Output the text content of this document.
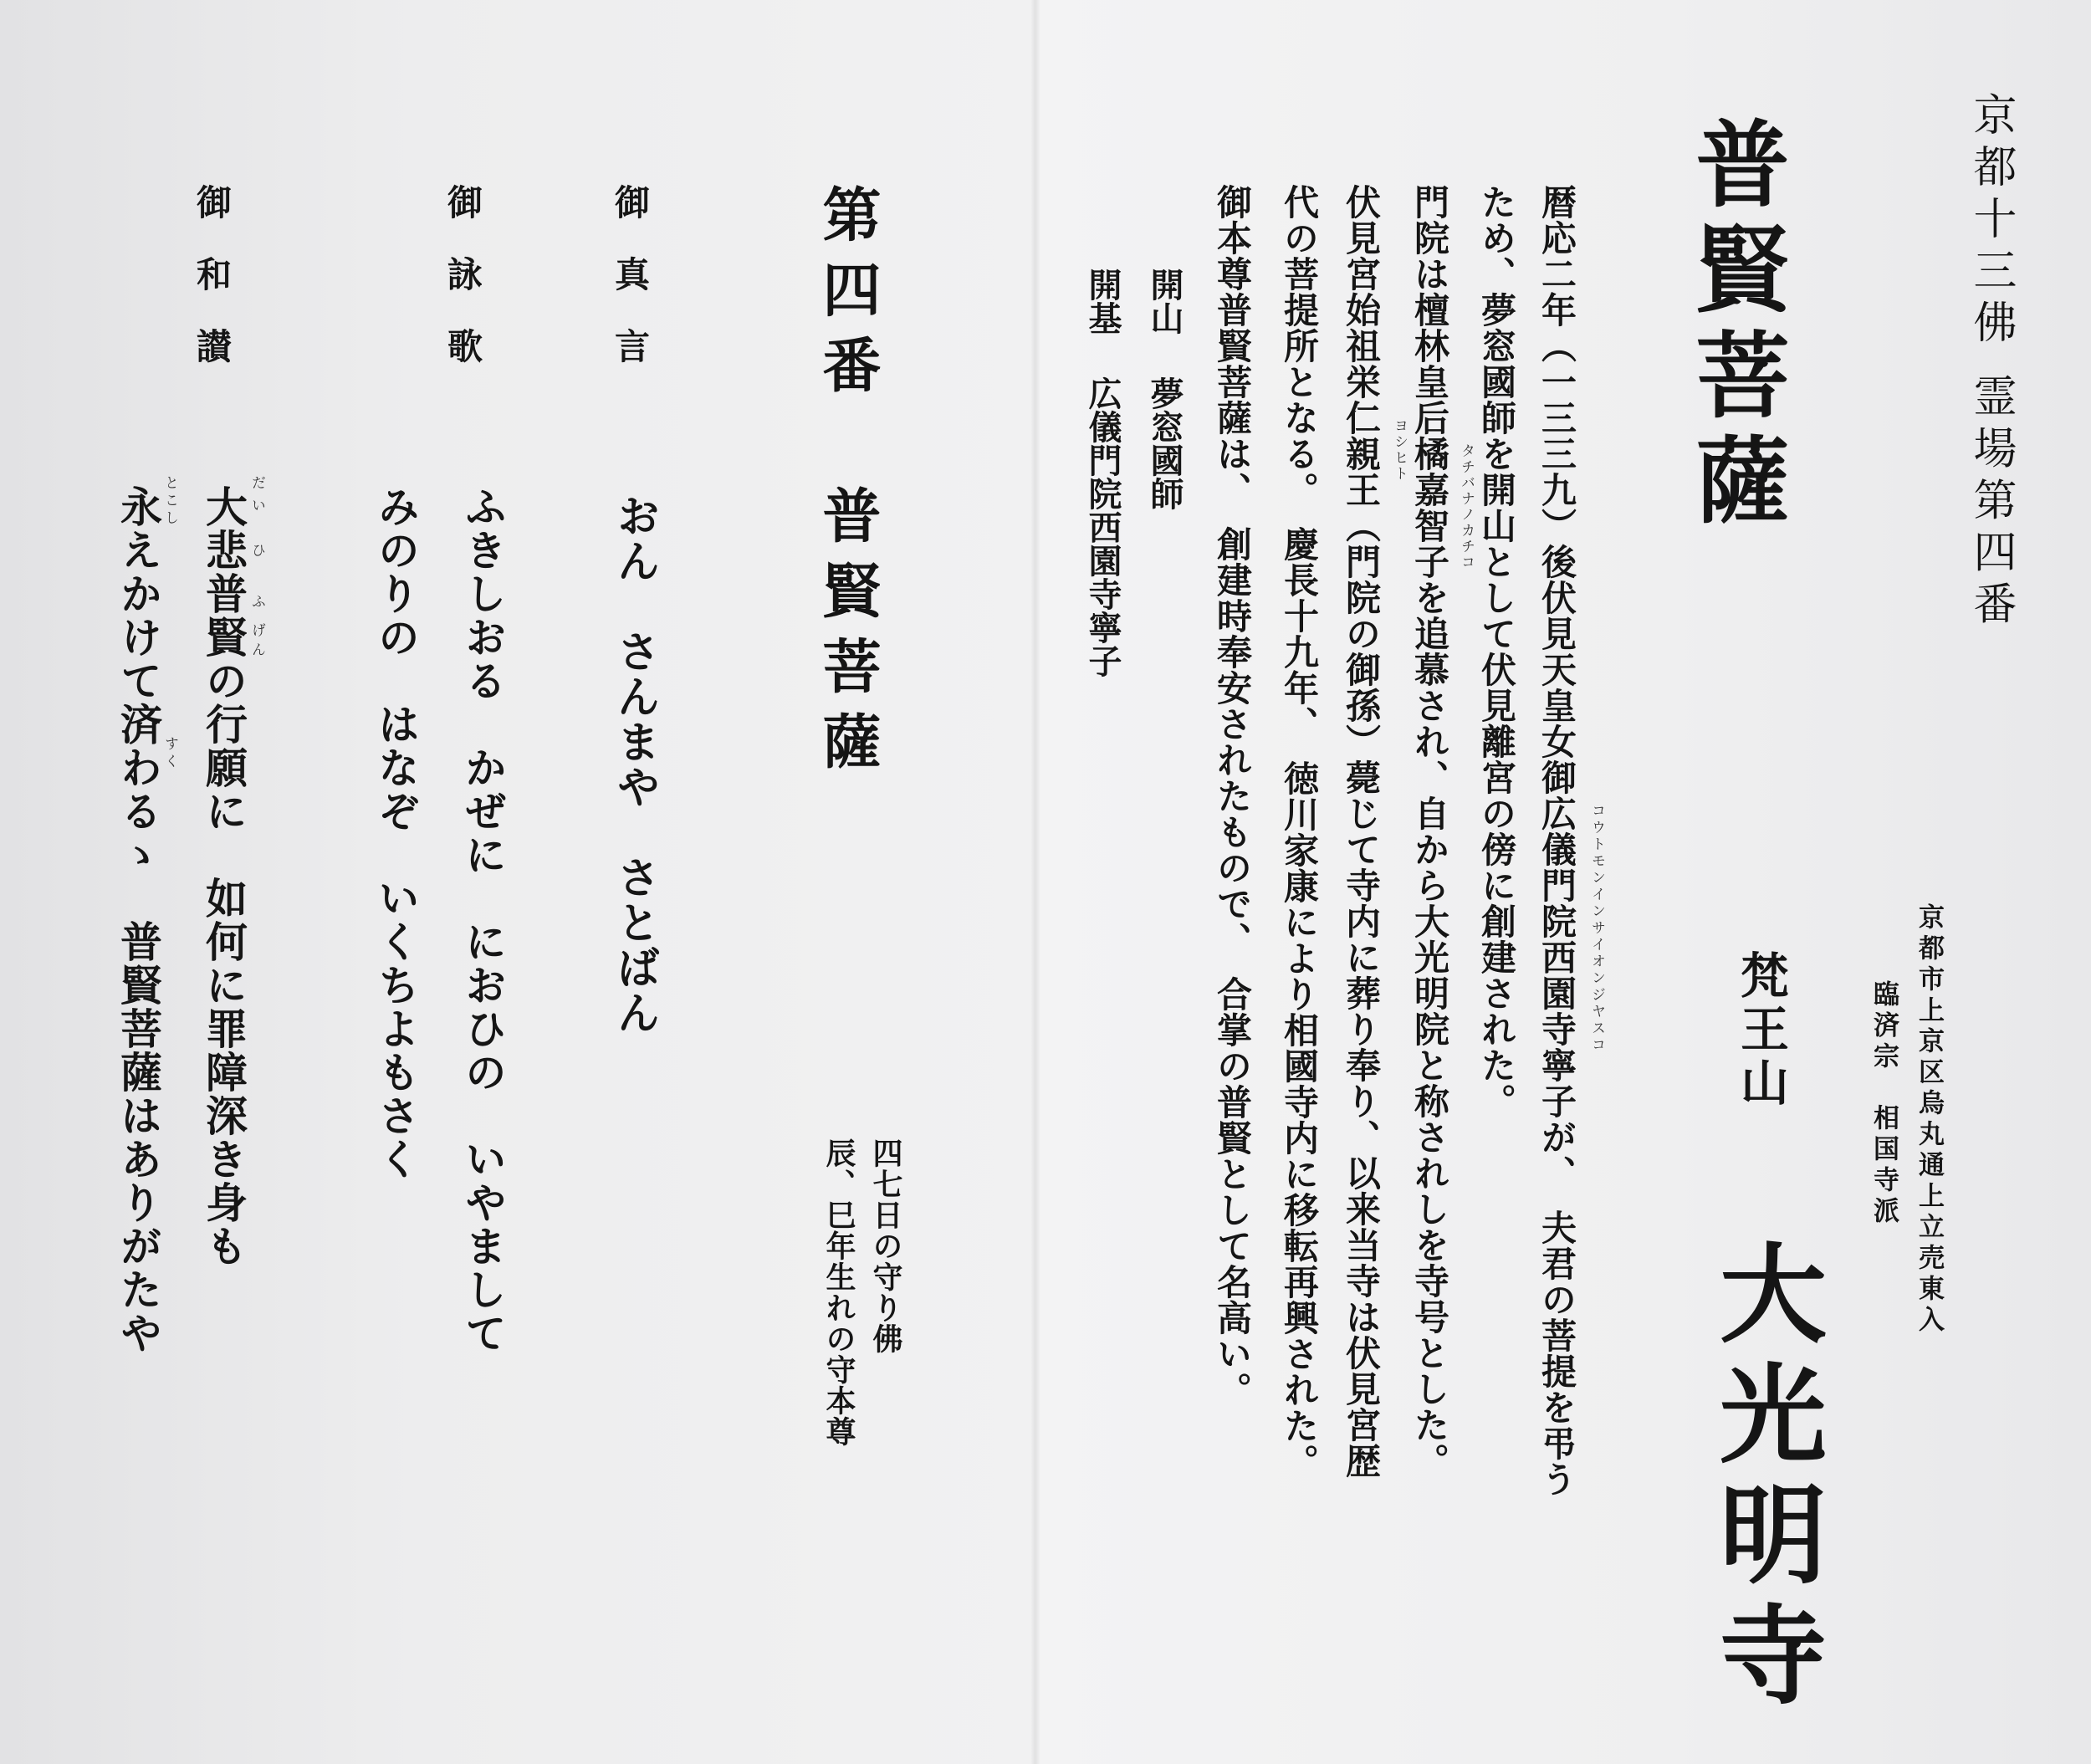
京都十三佛 霊場第四番
普賢菩薩
京都市上京区烏丸通上立売東入
臨済宗　相国寺派
梵王山
大光明寺
暦応二年（一三三九）後伏見天皇女御広儀門院西園寺寧子が、　夫君の菩提を弔う
ため、夢窓國師を開山として伏見離宮の傍に創建された。
門院は檀林皇后橘嘉智子を追慕され、自から大光明院と称されしを寺号とした。
伏見宮始祖栄仁親王（門院の御孫）薨じて寺内に葬り奉り、以来当寺は伏見宮歴
代の菩提所となる。　慶長十九年、　徳川家康により相國寺内に移転再興された。
御本尊普賢菩薩は、　創建時奉安されたもので、　合掌の普賢として名高い。	コウトモンインサイオンジヤスコ
タチバナノカチコ
ヨシヒト
開山
夢窓國師
開基
広儀門院西園寺寧子
第四番　普賢菩薩
御真言
おん　さんまや　さとばん
御詠歌
ふきしおる　かぜに　におひの　いやまして
みのりの　はなぞ　いくちよもさく
御和讃
大悲普賢の行願に　如何に罪障深き身も
永えかけて済わるゝ　普賢菩薩はありがたや	だい　ひ
ふ げん
とこし
すく
四七日の守り佛
辰、巳年生れの守本尊
